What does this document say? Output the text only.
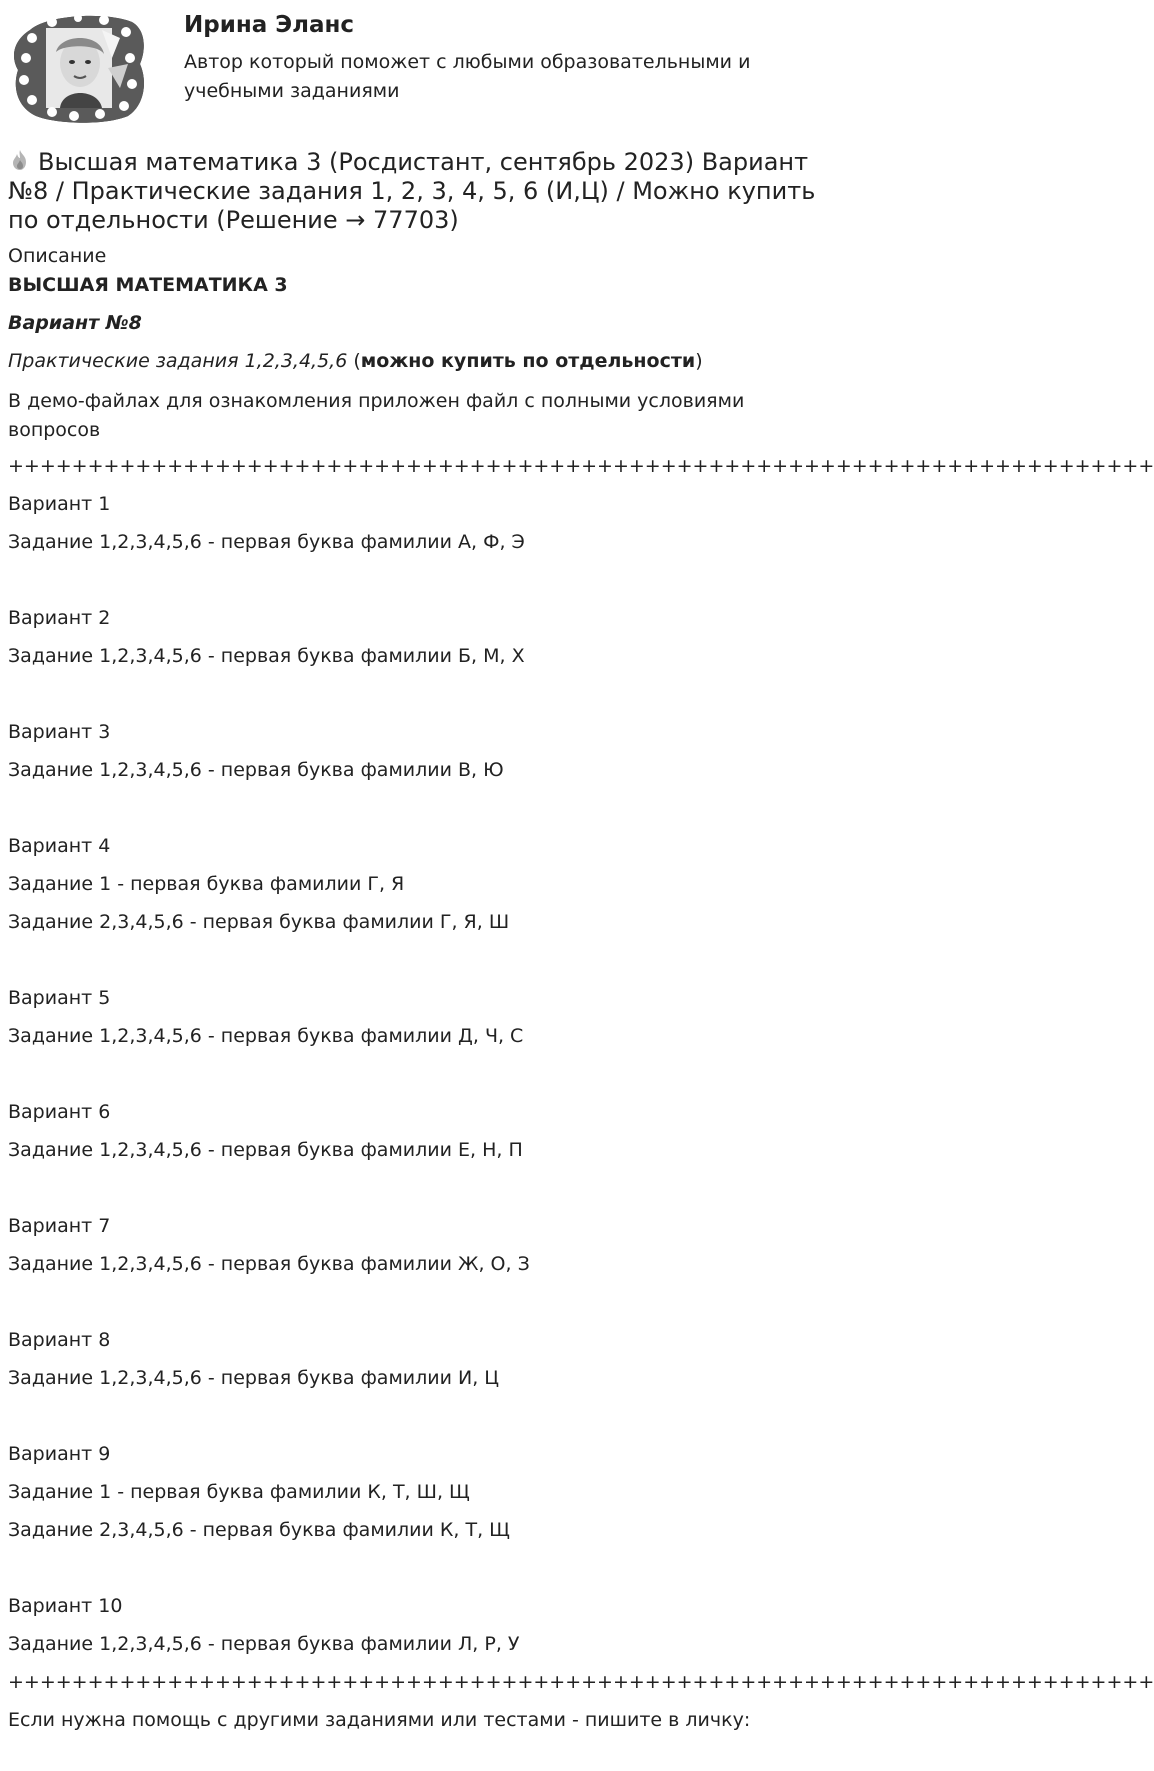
Ирина Эланс
Автор который поможет с любыми образовательными и учебными заданиями
Высшая математика 3 (Росдистант, сентябрь 2023) Вариант №8 / Практические задания 1, 2, 3, 4, 5, 6 (И,Ц) / Можно купить по отдельности (Решение → 77703)
Описание
ВЫСШАЯ МАТЕМАТИКА 3
Вариант №8
Практические задания 1,2,3,4,5,6 (можно купить по отдельности)
В демо-файлах для ознакомления приложен файл с полными условиями вопросов
++++++++++++++++++++++++++++++++++++++++++++++++++++++++++++++++++++++++
Вариант 1
Задание 1,2,3,4,5,6 - первая буква фамилии А, Ф, Э
Вариант 2
Задание 1,2,3,4,5,6 - первая буква фамилии Б, М, Х
Вариант 3
Задание 1,2,3,4,5,6 - первая буква фамилии В, Ю
Вариант 4
Задание 1 - первая буква фамилии Г, Я
Задание 2,3,4,5,6 - первая буква фамилии Г, Я, Ш
Вариант 5
Задание 1,2,3,4,5,6 - первая буква фамилии Д, Ч, С
Вариант 6
Задание 1,2,3,4,5,6 - первая буква фамилии Е, Н, П
Вариант 7
Задание 1,2,3,4,5,6 - первая буква фамилии Ж, О, З
Вариант 8
Задание 1,2,3,4,5,6 - первая буква фамилии И, Ц
Вариант 9
Задание 1 - первая буква фамилии К, Т, Ш, Щ
Задание 2,3,4,5,6 - первая буква фамилии К, Т, Щ
Вариант 10
Задание 1,2,3,4,5,6 - первая буква фамилии Л, Р, У
++++++++++++++++++++++++++++++++++++++++++++++++++++++++++++++++++++++++
Если нужна помощь с другими заданиями или тестами - пишите в личку:
